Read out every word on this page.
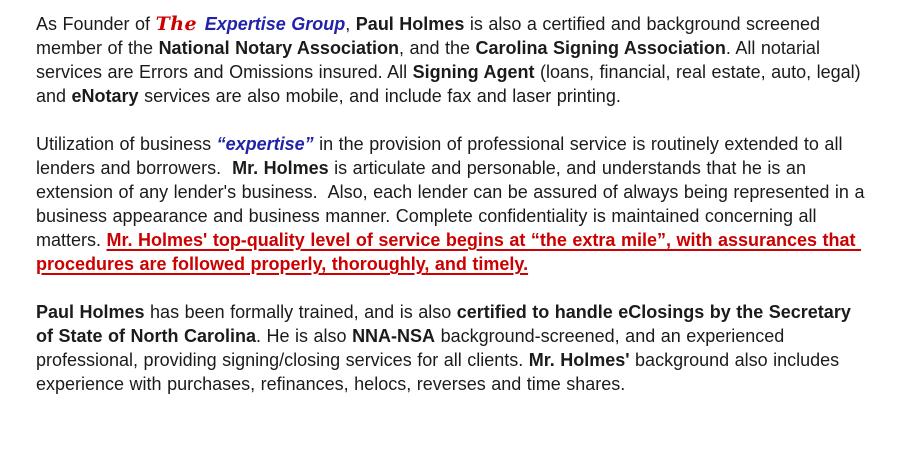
As Founder of The Expertise Group, Paul Holmes is also a certified and background screened member of the National Notary Association, and the Carolina Signing Association. All notarial services are Errors and Omissions insured. All Signing Agent (loans, financial, real estate, auto, legal) and eNotary services are also mobile, and include fax and laser printing.

Utilization of business “expertise” in the provision of professional service is routinely extended to all lenders and borrowers.  Mr. Holmes is articulate and personable, and understands that he is an extension of any lender's business.  Also, each lender can be assured of always being represented in a business appearance and business manner. Complete confidentiality is maintained concerning all matters. Mr. Holmes' top-quality level of service begins at “the extra mile”, with assurances that procedures are followed properly, thoroughly, and timely.

Paul Holmes has been formally trained, and is also certified to handle eClosings by the Secretary of State of North Carolina. He is also NNA-NSA background-screened, and an experienced professional, providing signing/closing services for all clients. Mr. Holmes' background also includes experience with purchases, refinances, helocs, reverses and time shares.
